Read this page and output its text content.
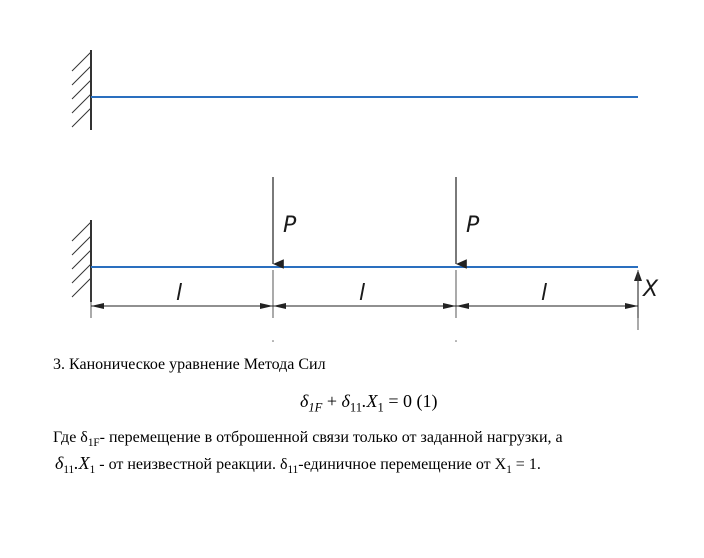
P	P
X
l	l	l
3. Каноническое уравнение Метода Сил
$\delta_{1F} + \delta_{11}.X_1 = 0$ (1)
Где $\delta_{1F}-$ перемещение в отброшенной связи только от заданной нагрузки, а
$\delta_{11}.X_1$ - от неизвестной реакции. $\delta_{11}$-единичное перемещение от $X_1 = 1$.
